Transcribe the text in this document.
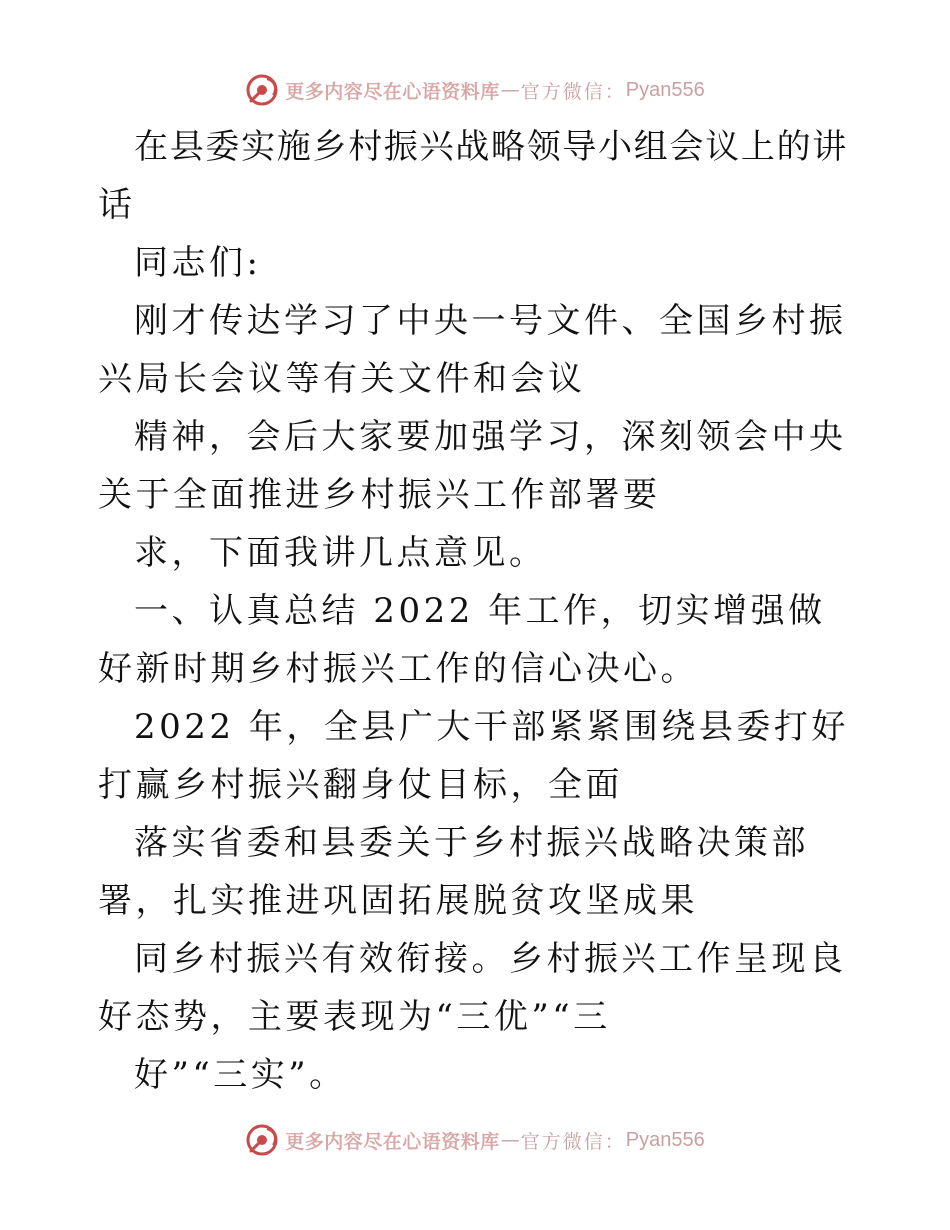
更多内容尽在心语资料库 — 官方微信： Pyan556

在县委实施乡村振兴战略领导小组会议上的讲话

同志们:

刚才传达学习了中央一号文件、全国乡村振兴局长会议等有关文件和会议

精神，会后大家要加强学习，深刻领会中央关于全面推进乡村振兴工作部署要

求，下面我讲几点意见。

一、认真总结 2022 年工作，切实增强做好新时期乡村振兴工作的信心决心。

2022 年，全县广大干部紧紧围绕县委打好打赢乡村振兴翻身仗目标，全面

落实省委和县委关于乡村振兴战略决策部署，扎实推进巩固拓展脱贫攻坚成果

同乡村振兴有效衔接。乡村振兴工作呈现良好态势，主要表现为“三优”“三

好”“三实”。

更多内容尽在心语资料库 — 官方微信： Pyan556
